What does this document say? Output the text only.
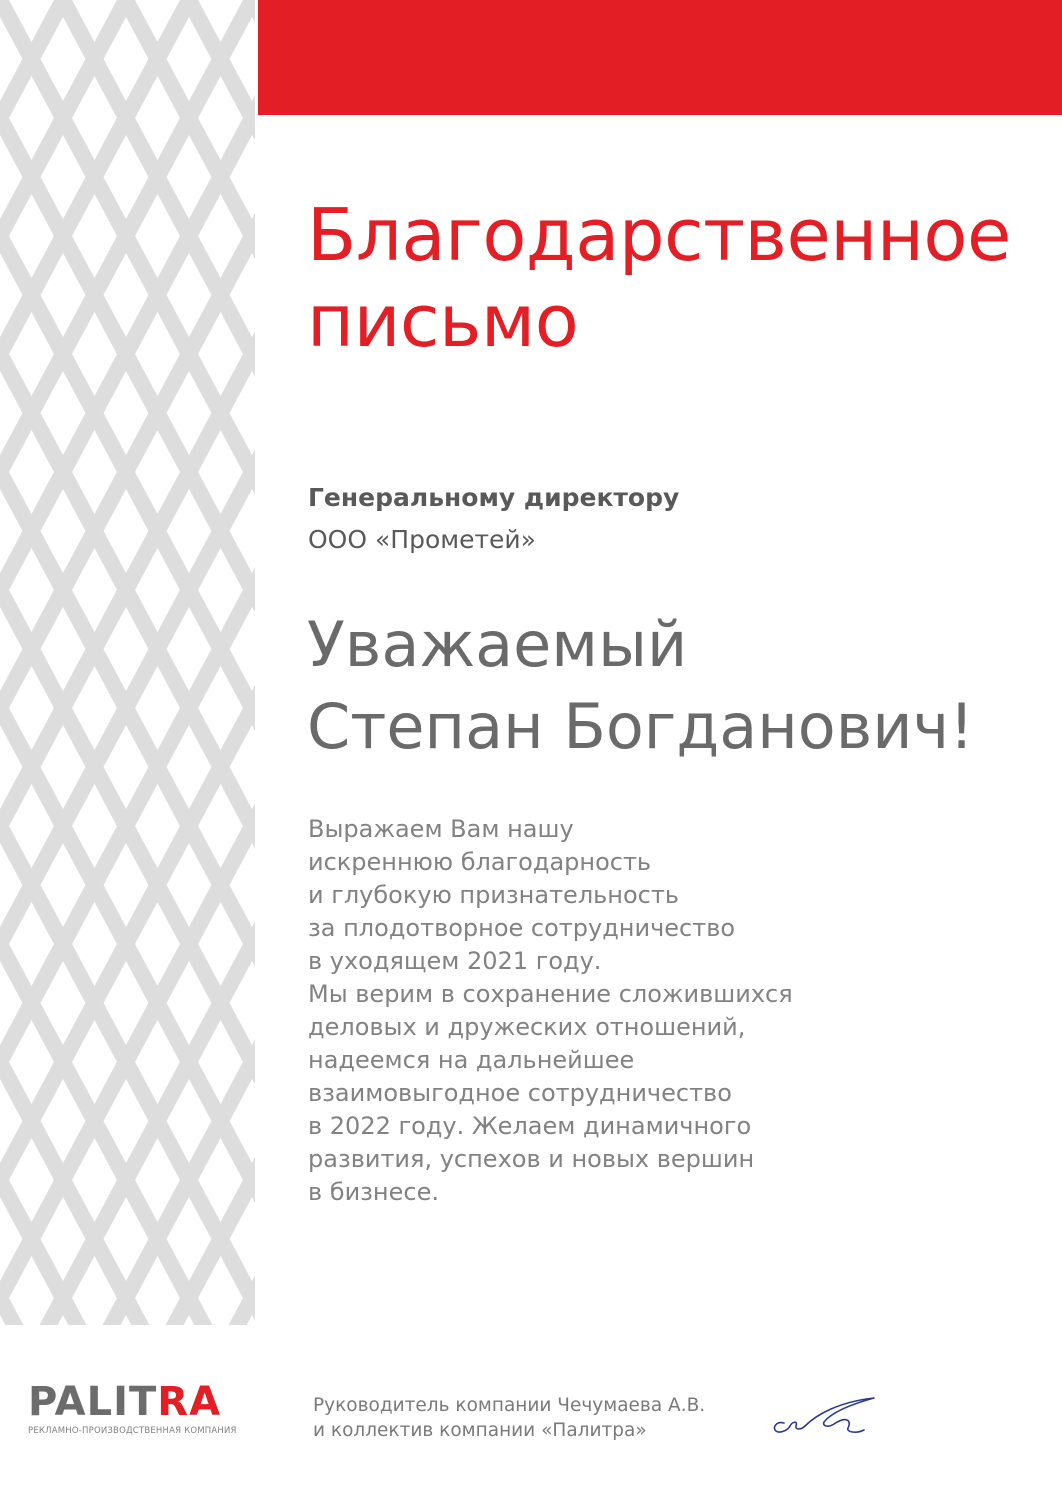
Благодарственное
письмо
Генеральному директору
ООО «Прометей»
Уважаемый
Степан Богданович!
Выражаем Вам нашу
искреннюю благодарность
и глубокую признательность
за плодотворное сотрудничество
в уходящем 2021 году.
Мы верим в сохранение сложившихся
деловых и дружеских отношений,
надеемся на дальнейшее
взаимовыгодное сотрудничество
в 2022 году. Желаем динамичного
развития, успехов и новых вершин
в бизнесе.
PALITRA
РЕКЛАМНО-ПРОИЗВОДСТВЕННАЯ КОМПАНИЯ
Руководитель компании Чечумаева А.В.
и коллектив компании «Палитра»
